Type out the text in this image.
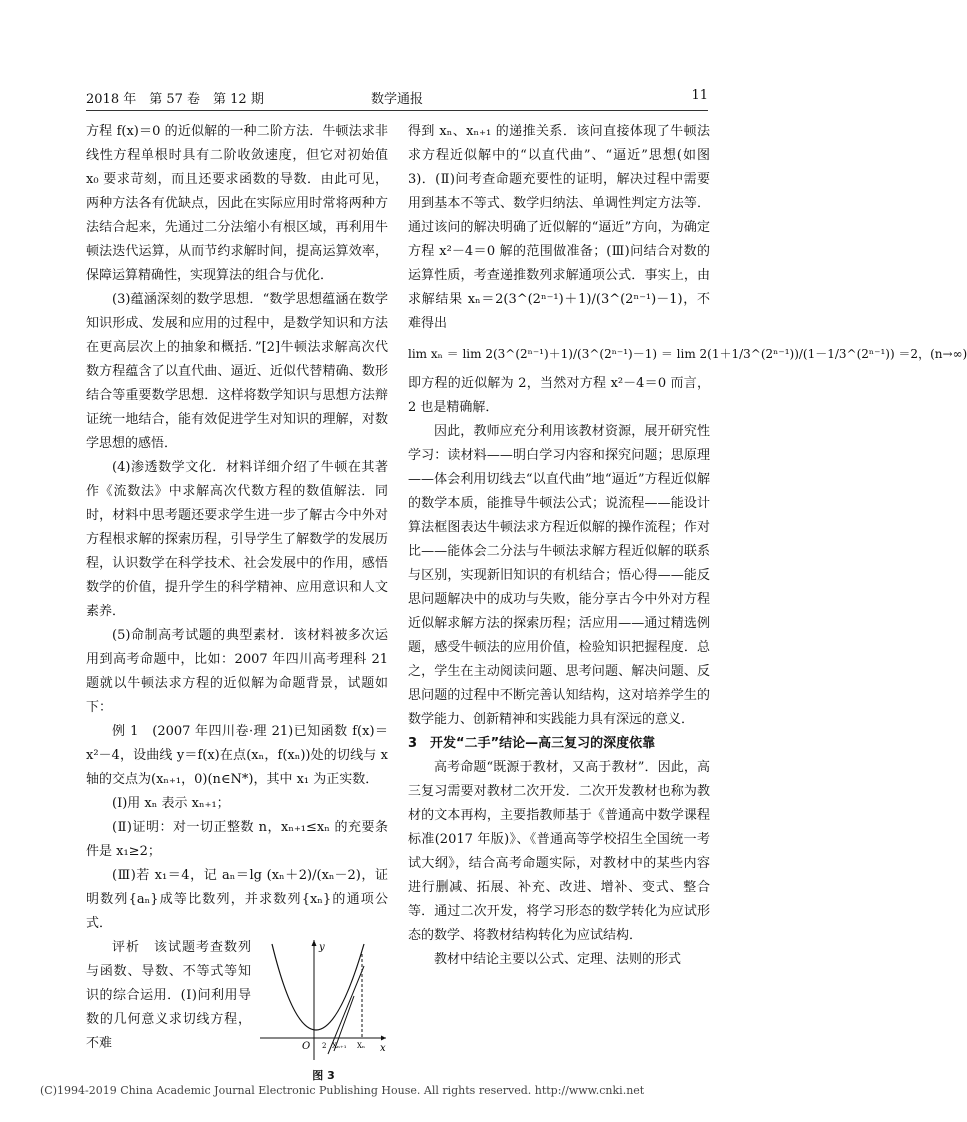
2018 年　第 57 卷　第 12 期	数学通报	11

方程 f(x)＝0 的近似解的一种二阶方法．牛顿法求非线性方程单根时具有二阶收敛速度，但它对初始值 x₀ 要求苛刻，而且还要求函数的导数．由此可见，两种方法各有优缺点，因此在实际应用时常将两种方法结合起来，先通过二分法缩小有根区域，再利用牛顿法迭代运算，从而节约求解时间，提高运算效率，保障运算精确性，实现算法的组合与优化．

(3)蕴涵深刻的数学思想．“数学思想蕴涵在数学知识形成、发展和应用的过程中，是数学知识和方法在更高层次上的抽象和概括．”[2]牛顿法求解高次代数方程蕴含了以直代曲、逼近、近似代替精确、数形结合等重要数学思想．这样将数学知识与思想方法辩证统一地结合，能有效促进学生对知识的理解，对数学思想的感悟．

(4)渗透数学文化．材料详细介绍了牛顿在其著作《流数法》中求解高次代数方程的数值解法．同时，材料中思考题还要求学生进一步了解古今中外对方程根求解的探索历程，引导学生了解数学的发展历程，认识数学在科学技术、社会发展中的作用，感悟数学的价值，提升学生的科学精神、应用意识和人文素养．

(5)命制高考试题的典型素材．该材料被多次运用到高考命题中，比如：2007 年四川高考理科 21 题就以牛顿法求方程的近似解为命题背景，试题如下：

例 1　(2007 年四川卷·理 21)已知函数 f(x)＝x²－4，设曲线 y＝f(x)在点(xₙ，f(xₙ))处的切线与 x 轴的交点为(xₙ₊₁，0)(n∈N*)，其中 x₁ 为正实数．

(Ⅰ)用 xₙ 表示 xₙ₊₁；

(Ⅱ)证明：对一切正整数 n，xₙ₊₁≤xₙ 的充要条件是 x₁≥2；

(Ⅲ)若 x₁＝4，记 aₙ＝lg (xₙ＋2)/(xₙ－2)，证明数列{aₙ}成等比数列，并求数列{xₙ}的通项公式．

评析　该试题考查数列与函数、导数、不等式等知识的综合运用．(Ⅰ)问利用导数的几何意义求切线方程，不难

y
x
O 2 Xₙ₊₁ Xₙ
图 3

得到 xₙ、xₙ₊₁ 的递推关系．该问直接体现了牛顿法求方程近似解中的“以直代曲”、“逼近”思想(如图 3)．(Ⅱ)问考查命题充要性的证明，解决过程中需要用到基本不等式、数学归纳法、单调性判定方法等．通过该问的解决明确了近似解的“逼近”方向，为确定方程 x²－4＝0 解的范围做准备；(Ⅲ)问结合对数的运算性质，考查递推数列求解通项公式．事实上，由求解结果 xₙ＝2(3^(2ⁿ⁻¹)＋1)/(3^(2ⁿ⁻¹)－1)，不难得出

lim xₙ ＝ lim 2(3^(2ⁿ⁻¹)＋1)/(3^(2ⁿ⁻¹)－1) ＝ lim 2(1＋1/3^(2ⁿ⁻¹))/(1－1/3^(2ⁿ⁻¹)) ＝2，(n→∞)

即方程的近似解为 2，当然对方程 x²－4＝0 而言，2 也是精确解．

因此，教师应充分利用该教材资源，展开研究性学习：读材料——明白学习内容和探究问题；思原理——体会利用切线去“以直代曲”地“逼近”方程近似解的数学本质，能推导牛顿法公式；说流程——能设计算法框图表达牛顿法求方程近似解的操作流程；作对比——能体会二分法与牛顿法求解方程近似解的联系与区别，实现新旧知识的有机结合；悟心得——能反思问题解决中的成功与失败，能分享古今中外对方程近似解求解方法的探索历程；活应用——通过精选例题，感受牛顿法的应用价值，检验知识把握程度．总之，学生在主动阅读问题、思考问题、解决问题、反思问题的过程中不断完善认知结构，这对培养学生的数学能力、创新精神和实践能力具有深远的意义．

3　开发“二手”结论—高三复习的深度依靠

高考命题“既源于教材，又高于教材”．因此，高三复习需要对教材二次开发．二次开发教材也称为教材的文本再构，主要指教师基于《普通高中数学课程标准(2017 年版)》、《普通高等学校招生全国统一考试大纲》，结合高考命题实际，对教材中的某些内容进行删减、拓展、补充、改进、增补、变式、整合等．通过二次开发，将学习形态的数学转化为应试形态的数学、将教材结构转化为应试结构．

教材中结论主要以公式、定理、法则的形式

(C)1994-2019 China Academic Journal Electronic Publishing House. All rights reserved. http://www.cnki.net
